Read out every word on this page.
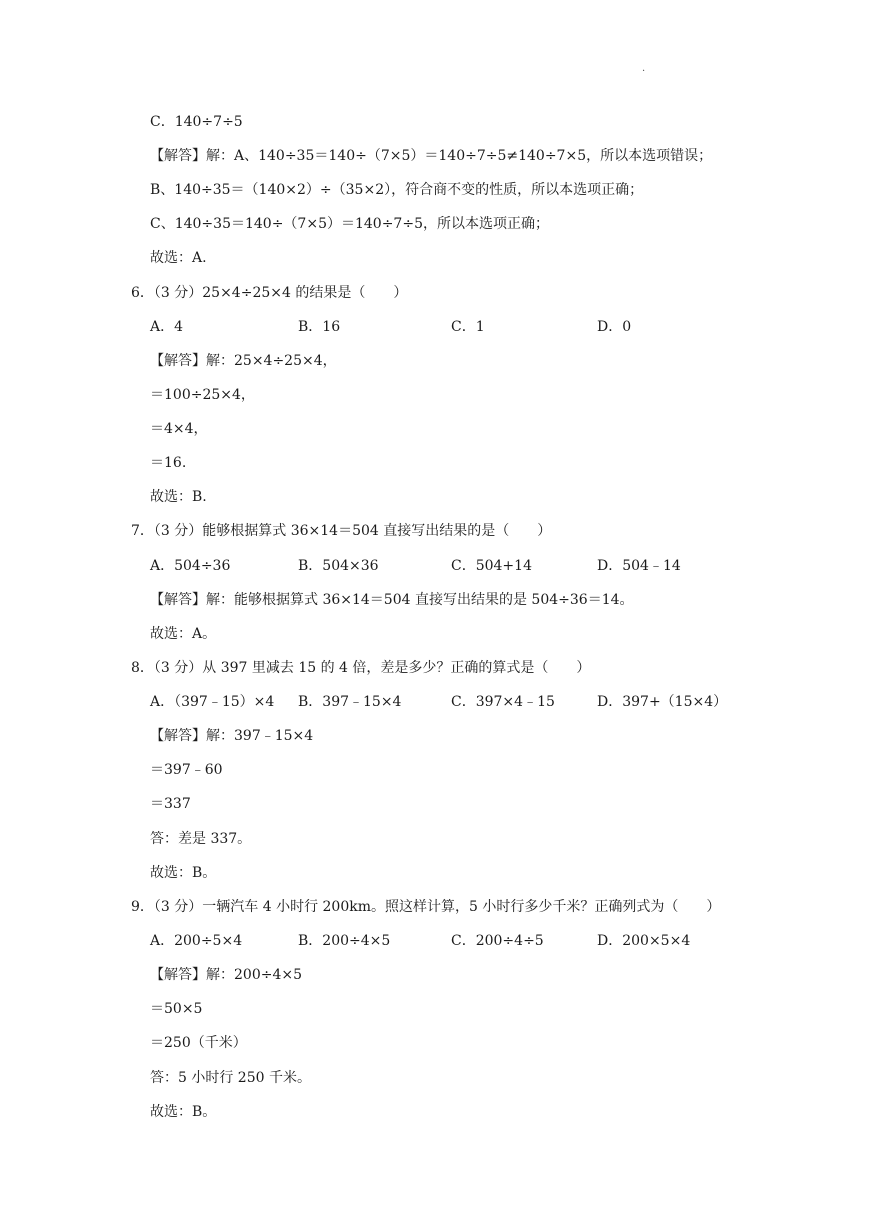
·
C．140÷7÷5
【解答】解：A、140÷35＝140÷（7×5）＝140÷7÷5≠140÷7×5，所以本选项错误；
B、140÷35＝（140×2）÷（35×2），符合商不变的性质，所以本选项正确；
C、140÷35＝140÷（7×5）＝140÷7÷5，所以本选项正确；
故选：A.
6．（3 分）25×4÷25×4 的结果是（　　）
A．4	B．16	C．1	D．0
【解答】解：25×4÷25×4，
＝100÷25×4，
＝4×4，
＝16.
故选：B.
7．（3 分）能够根据算式 36×14＝504 直接写出结果的是（　　）
A．504÷36	B．504×36	C．504+14	D．504﹣14
【解答】解：能够根据算式 36×14＝504 直接写出结果的是 504÷36＝14。
故选：A。
8．（3 分）从 397 里减去 15 的 4 倍，差是多少？正确的算式是（　　）
A．（397﹣15）×4 B．397﹣15×4	C．397×4﹣15	D．397+（15×4）
【解答】解：397﹣15×4
＝397﹣60
＝337
答：差是 337。
故选：B。
9．（3 分）一辆汽车 4 小时行 200km。照这样计算，5 小时行多少千米？正确列式为（　　）
A．200÷5×4	B．200÷4×5	C．200÷4÷5	D．200×5×4
【解答】解：200÷4×5
＝50×5
＝250（千米）
答：5 小时行 250 千米。
故选：B。
